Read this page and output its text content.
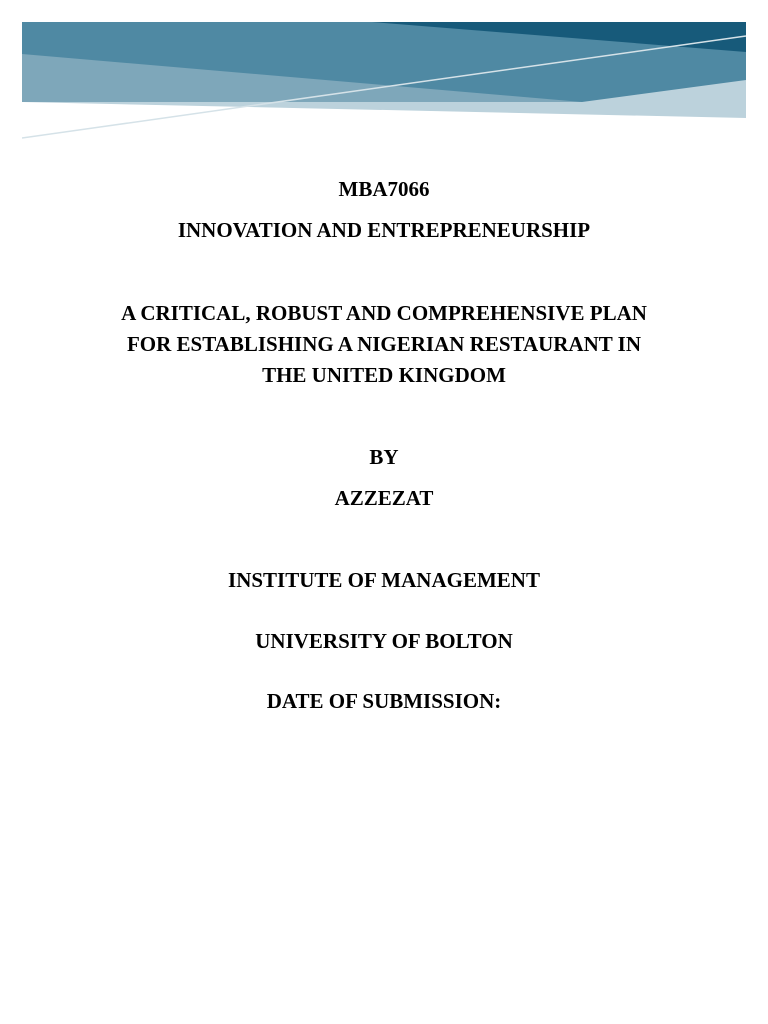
MBA7066
INNOVATION AND ENTREPRENEURSHIP
A CRITICAL, ROBUST AND COMPREHENSIVE PLAN
FOR ESTABLISHING A NIGERIAN RESTAURANT IN
THE UNITED KINGDOM
BY
AZZEZAT
INSTITUTE OF MANAGEMENT
UNIVERSITY OF BOLTON
DATE OF SUBMISSION:
